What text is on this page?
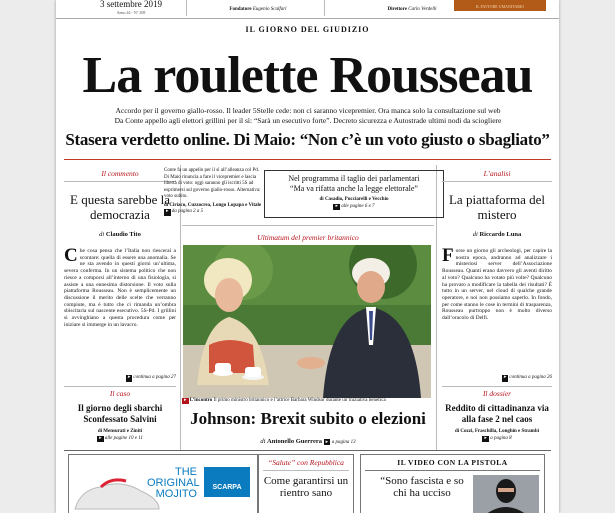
3 settembre 2019
Anno 44 - N° 208
Fondatore Eugenio Scalfari	Direttore Carlo Verdelli
IL FATTORE UMANITARIO
IL GIORNO DEL GIUDIZIO
La roulette Rousseau
Accordo per il governo giallo-rosso. Il leader 5Stelle cede: non ci saranno vicepremier. Ora manca solo la consultazione sul web
Da Conte appello agli elettori grillini per il sì: “Sarà un esecutivo forte”. Decreto sicurezza e Autostrade ultimi nodi da sciogliere
Stasera verdetto online. Di Maio: “Non c’è un voto giusto o sbagliato”
Il commento
E questa sarebbe la democrazia
di Claudio Tito
Che cosa pensa che l’Italia non riescerai a scontare: quella di essere una anomalia. Se ne sta avendo in questi giorni un’ultima, severa conferma. In un sistema politico che non riesce a comporsi all’interno di una fisiologia, si assiste a una ennesima distorsione. Il voto sulla piattaforma Rousseau. Non è semplicemente un discussione il merito delle scelte che verranno compiute, ma è tutto che ci rimanda un’ombra sbiscitaria sul nascente esecutivo. 5S-Pd. I grillini si avvinghiano a questa procedura come per iniziare si immerge in un lavacro.
▸ continua a pagina 27
Il caso
Il giorno degli sbarchi Sconfessato Salvini
di Mensurati e Ziniti
▸ alle pagine 10 e 11
Conte fa un appello per il sì all’alleanza col Pd. Di Maio rinuncia a fare il vicepremier e lascia libertà di voto: oggi saranno gli iscritti 5S ad esprimersi sul governo giallo-rosso. Alternativa: voto subito.
di Ciriaco, Cuzzocrea, Longo Lopapa e Vitale
▸ da pagina 2 a 5
Nel programma il taglio dei parlamentari
“Ma va rifatta anche la legge elettorale”
di Casadio, Pucciarelli e Vecchio
▸ alle pagine 6 e 7
Ultimatum del premier britannico
▸ L’incontro Il primo ministro britannico e l’attrice Barbara Windsor durante un’iniziativa benefica
Johnson: Brexit subito o elezioni
di Antonello Guerrera ▸ a pagina 13
L’analisi
La piattaforma del mistero
di Riccardo Luna
Forse un giorno gli archeologi, per capire la nostra epoca, andranno ad analizzare i misteriosi server dell’Associazione Rousseau. Quanti erano davvero gli aventi diritto al voto? Qualcuno ha votato più volte? Qualcuno ha provato a modificare la tabella dei risultati? È tutto in un server, nel cloud di qualche grande operatore, e noi non possiamo saperlo. In fondo, per come stanno le cose in termini di trasparenza, Rousseau purtroppo non è molto diverso dall’oracolo di Delfi.
▸ continua a pagina 26
Il dossier
Reddito di cittadinanza via alla fase 2 nel caos
di Cozzi, Fraschilla, Longhin e Strambi
▸ a pagina 8
THE
ORIGINAL
MOJITO
SCARPA
“Salute” con Repubblica
Come garantirsi un rientro sano
IL VIDEO CON LA PISTOLA
“Sono fascista e so chi ha ucciso
